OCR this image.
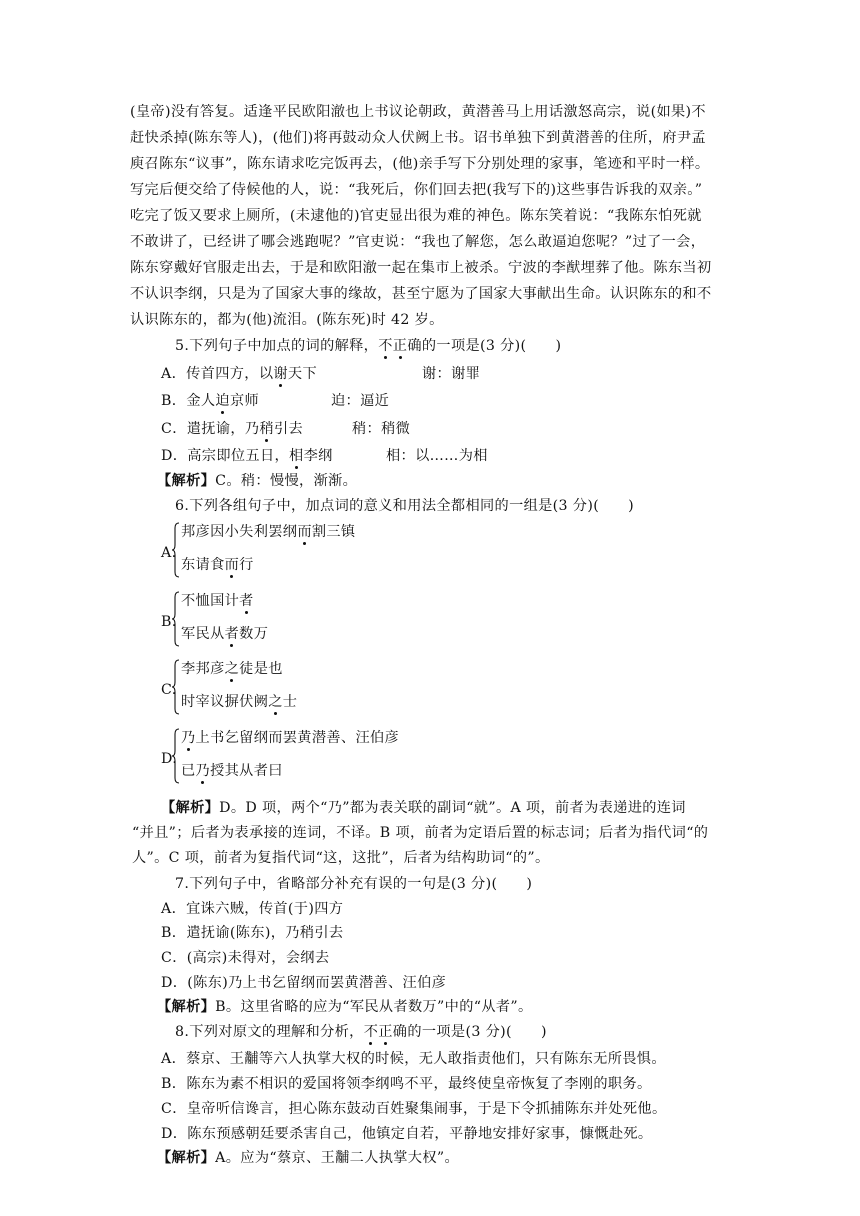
(皇帝)没有答复。适逢平民欧阳澈也上书议论朝政，黄潜善马上用话激怒高宗，说(如果)不
赶快杀掉(陈东等人)，(他们)将再鼓动众人伏阙上书。诏书单独下到黄潜善的住所，府尹孟
庾召陈东“议事”，陈东请求吃完饭再去，(他)亲手写下分别处理的家事，笔迹和平时一样。
写完后便交给了侍候他的人，说：“我死后，你们回去把(我写下的)这些事告诉我的双亲。”
吃完了饭又要求上厕所，(未逮他的)官吏显出很为难的神色。陈东笑着说：“我陈东怕死就
不敢讲了，已经讲了哪会逃跑呢？”官吏说：“我也了解您，怎么敢逼迫您呢？”过了一会，
陈东穿戴好官服走出去，于是和欧阳澈一起在集市上被杀。宁波的李猷埋葬了他。陈东当初
不认识李纲，只是为了国家大事的缘故，甚至宁愿为了国家大事献出生命。认识陈东的和不
认识陈东的，都为(他)流泪。(陈东死)时 42 岁。
5.下列句子中加点的词的解释，不正确的一项是(3 分)(　　)
A．传首四方，以谢天下	谢：谢罪
B．金人迫京师	迫：逼近
C．遣抚谕，乃稍引去	稍：稍微
D．高宗即位五日，相李纲	相：以……为相
【解析】C。稍：慢慢，渐渐。
6.下列各组句子中，加点词的意义和用法全都相同的一组是(3 分)(　　)
A.
邦彦因小失利罢纲而割三镇
东请食而行
B.
不恤国计者
军民从者数万
C.
李邦彦之徒是也
时宰议摒伏阙之士
D.
乃上书乞留纲而罢黄潜善、汪伯彦
已乃授其从者曰
【解析】D。D 项，两个“乃”都为表关联的副词“就”。A 项，前者为表递进的连词
“并且”；后者为表承接的连词，不译。B 项，前者为定语后置的标志词；后者为指代词“的
人”。C 项，前者为复指代词“这，这批”，后者为结构助词“的”。
7.下列句子中，省略部分补充有误的一句是(3 分)(　　)
A．宜诛六贼，传首(于)四方
B．遣抚谕(陈东)，乃稍引去
C．(高宗)未得对，会纲去
D．(陈东)乃上书乞留纲而罢黄潜善、汪伯彦
【解析】B。这里省略的应为“军民从者数万”中的“从者”。
8.下列对原文的理解和分析，不正确的一项是(3 分)(　　)
A．蔡京、王黼等六人执掌大权的时候，无人敢指责他们，只有陈东无所畏惧。
B．陈东为素不相识的爱国将领李纲鸣不平，最终使皇帝恢复了李刚的职务。
C．皇帝听信谗言，担心陈东鼓动百姓聚集闹事，于是下令抓捕陈东并处死他。
D．陈东预感朝廷要杀害自己，他镇定自若，平静地安排好家事，慷慨赴死。
【解析】A。应为“蔡京、王黼二人执掌大权”。
